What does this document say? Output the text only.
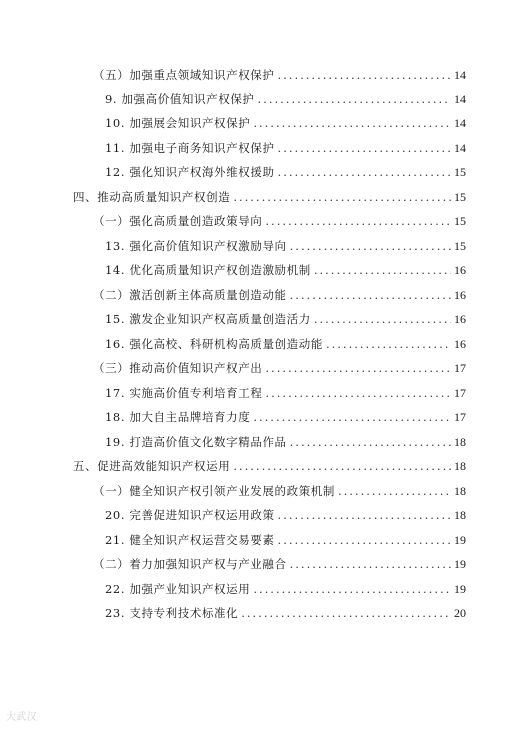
（五）加强重点领域知识产权保护 .....	14
9. 加强高价值知识产权保护 .....	14
10. 加强展会知识产权保护 .....	14
11. 加强电子商务知识产权保护 .....	14
12. 强化知识产权海外维权援助 .....	15
四、推动高质量知识产权创造 .....	15
（一）强化高质量创造政策导向 .....	15
13. 强化高价值知识产权激励导向 .....	15
14. 优化高质量知识产权创造激励机制 .....	16
（二）激活创新主体高质量创造动能 .....	16
15. 激发企业知识产权高质量创造活力 .....	16
16. 强化高校、科研机构高质量创造动能 .....	16
（三）推动高价值知识产权产出 .....	17
17. 实施高价值专利培育工程 .....	17
18. 加大自主品牌培育力度 .....	17
19. 打造高价值文化数字精品作品 .....	18
五、促进高效能知识产权运用 .....	18
（一）健全知识产权引领产业发展的政策机制 .....	18
20. 完善促进知识产权运用政策 .....	18
21. 健全知识产权运营交易要素 .....	19
（二）着力加强知识产权与产业融合 .....	19
22. 加强产业知识产权运用 .....	19
23. 支持专利技术标准化 .....	20
大武汉
